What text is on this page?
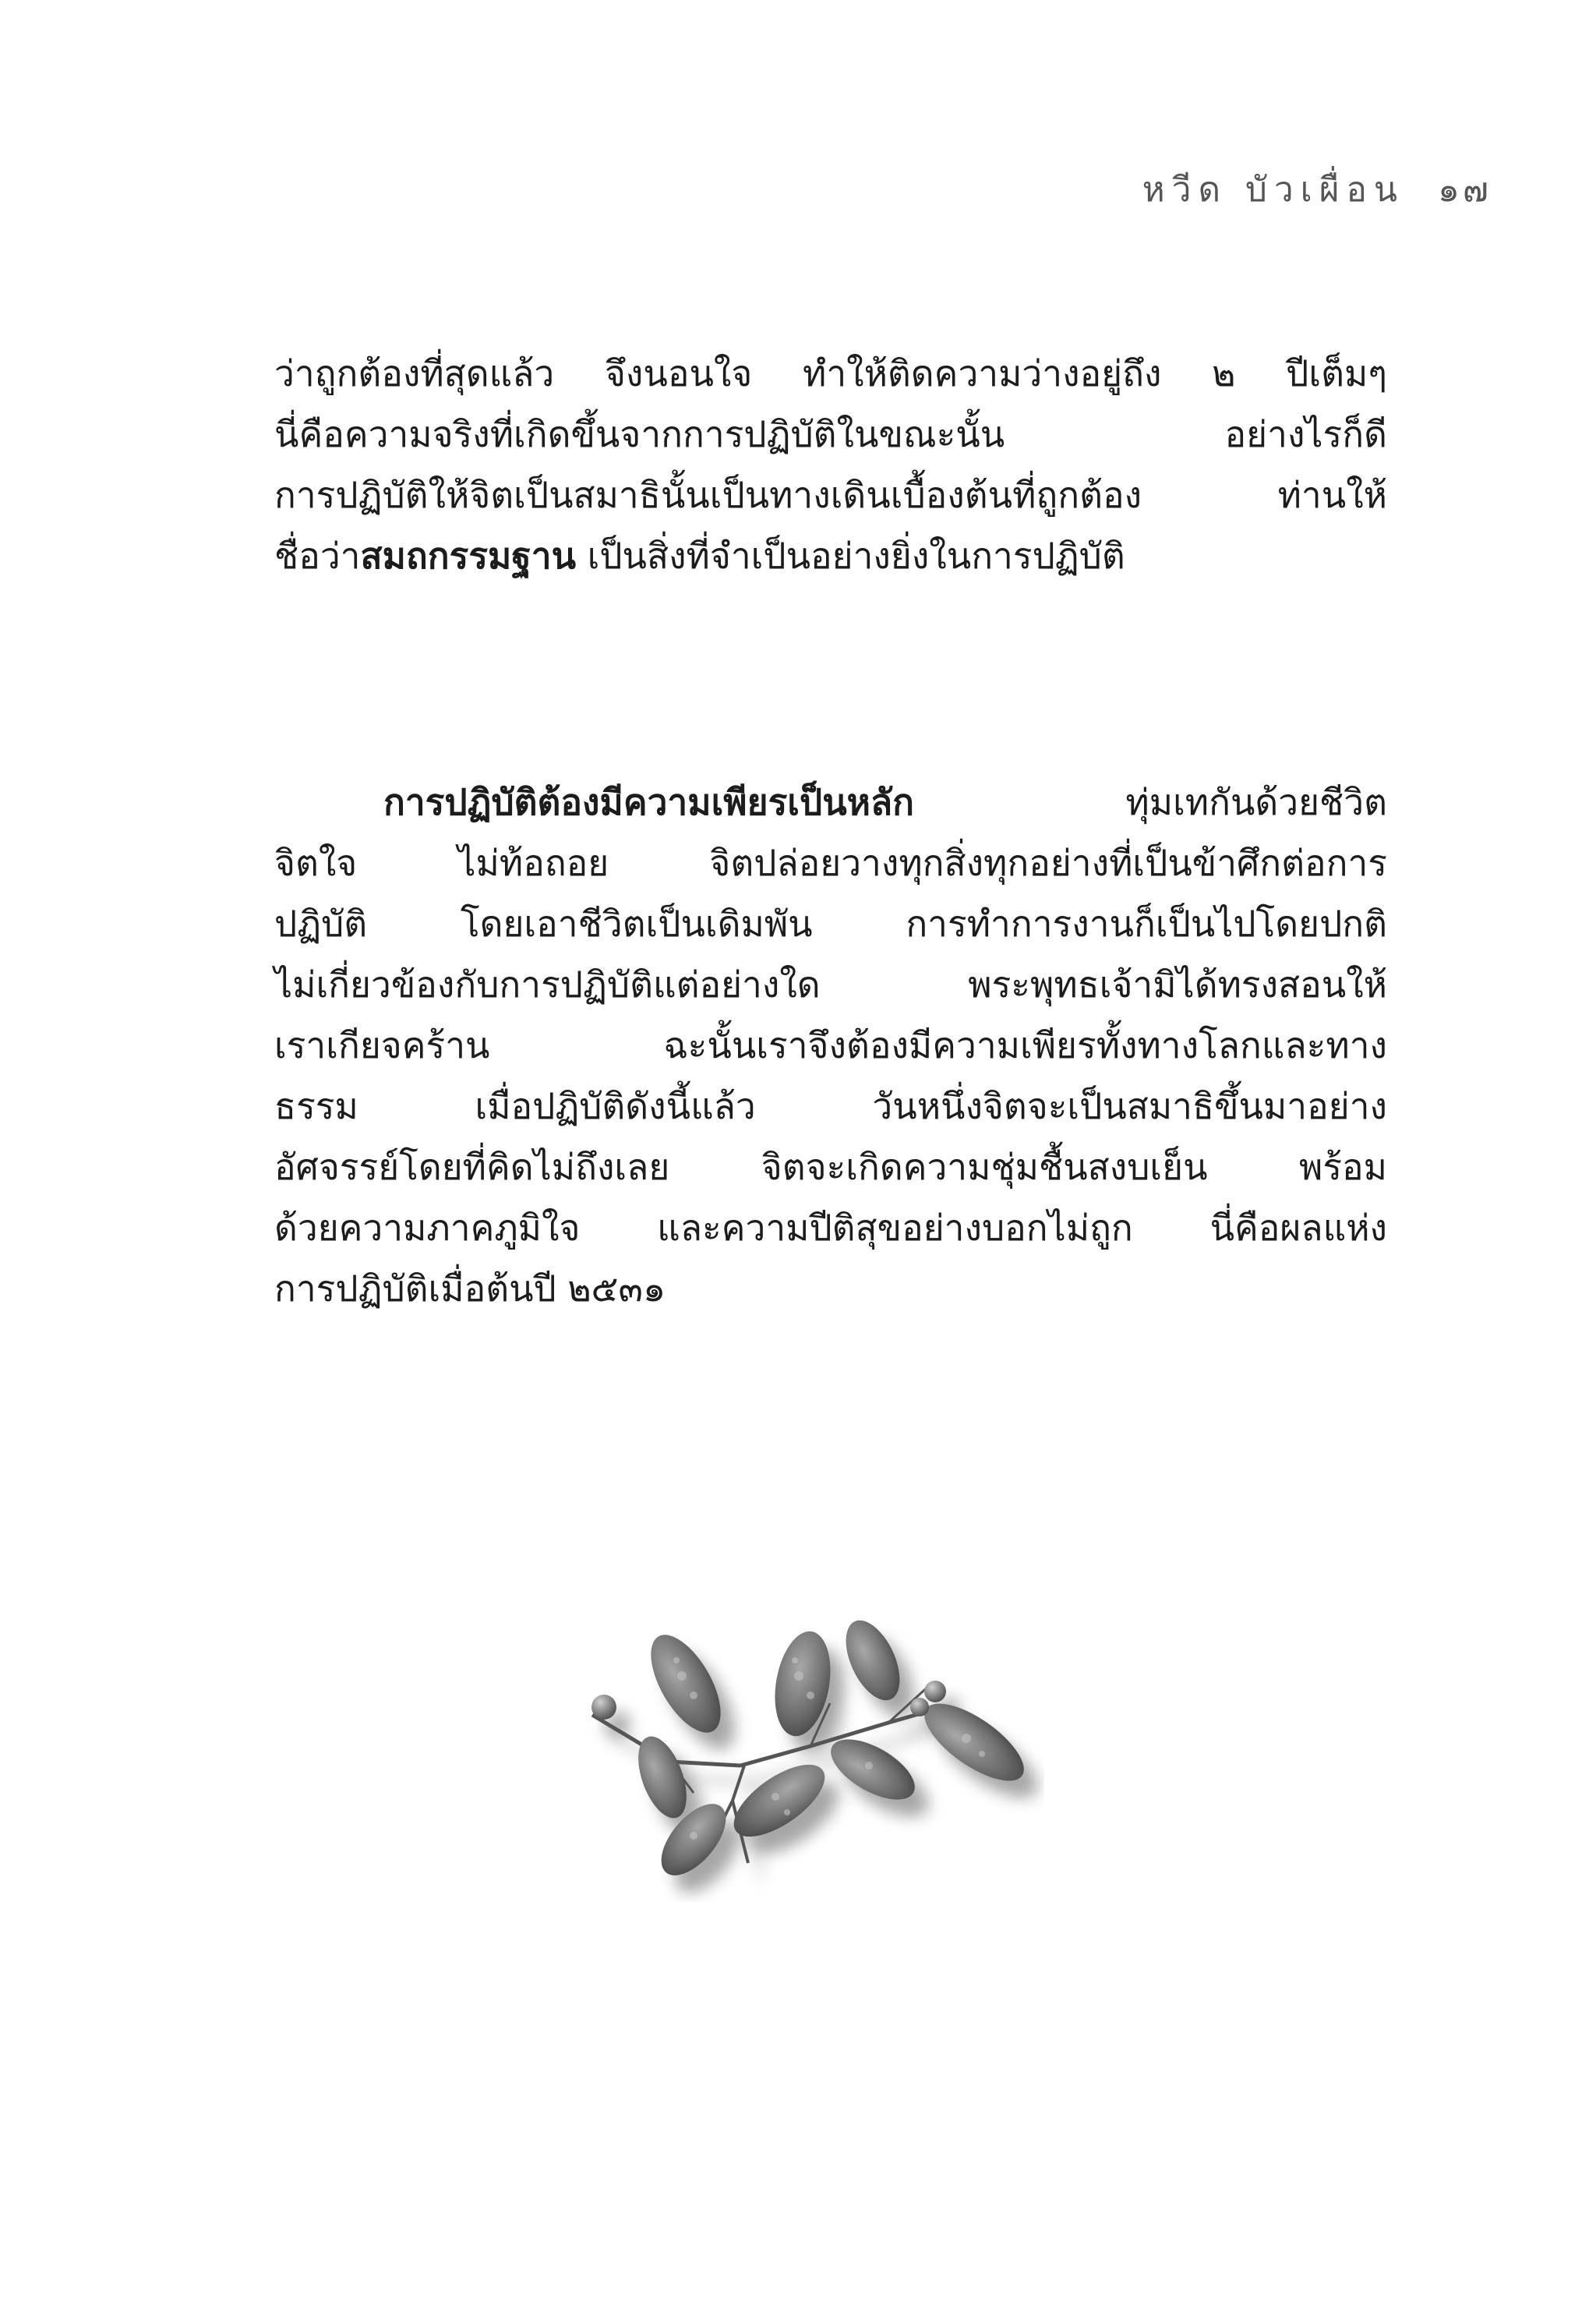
หวีด บัวเผื่อน ๑๗
ว่าถูกต้องที่สุดแล้ว จึงนอนใจ ทำให้ติดความว่างอยู่ถึง ๒ ปีเต็มๆ
นี่คือความจริงที่เกิดขึ้นจากการปฏิบัติในขณะนั้น อย่างไรก็ดี
การปฏิบัติให้จิตเป็นสมาธินั้นเป็นทางเดินเบื้องต้นที่ถูกต้อง ท่านให้
ชื่อว่าสมถกรรมฐาน เป็นสิ่งที่จำเป็นอย่างยิ่งในการปฏิบัติ
การปฏิบัติต้องมีความเพียรเป็นหลัก ทุ่มเทกันด้วยชีวิต
จิตใจ ไม่ท้อถอย จิตปล่อยวางทุกสิ่งทุกอย่างที่เป็นข้าศึกต่อการ
ปฏิบัติ โดยเอาชีวิตเป็นเดิมพัน การทำการงานก็เป็นไปโดยปกติ
ไม่เกี่ยวข้องกับการปฏิบัติแต่อย่างใด พระพุทธเจ้ามิได้ทรงสอนให้
เราเกียจคร้าน ฉะนั้นเราจึงต้องมีความเพียรทั้งทางโลกและทาง
ธรรม เมื่อปฏิบัติดังนี้แล้ว วันหนึ่งจิตจะเป็นสมาธิขึ้นมาอย่าง
อัศจรรย์โดยที่คิดไม่ถึงเลย จิตจะเกิดความชุ่มชื้นสงบเย็น พร้อม
ด้วยความภาคภูมิใจ และความปีติสุขอย่างบอกไม่ถูก นี่คือผลแห่ง
การปฏิบัติเมื่อต้นปี ๒๕๓๑
